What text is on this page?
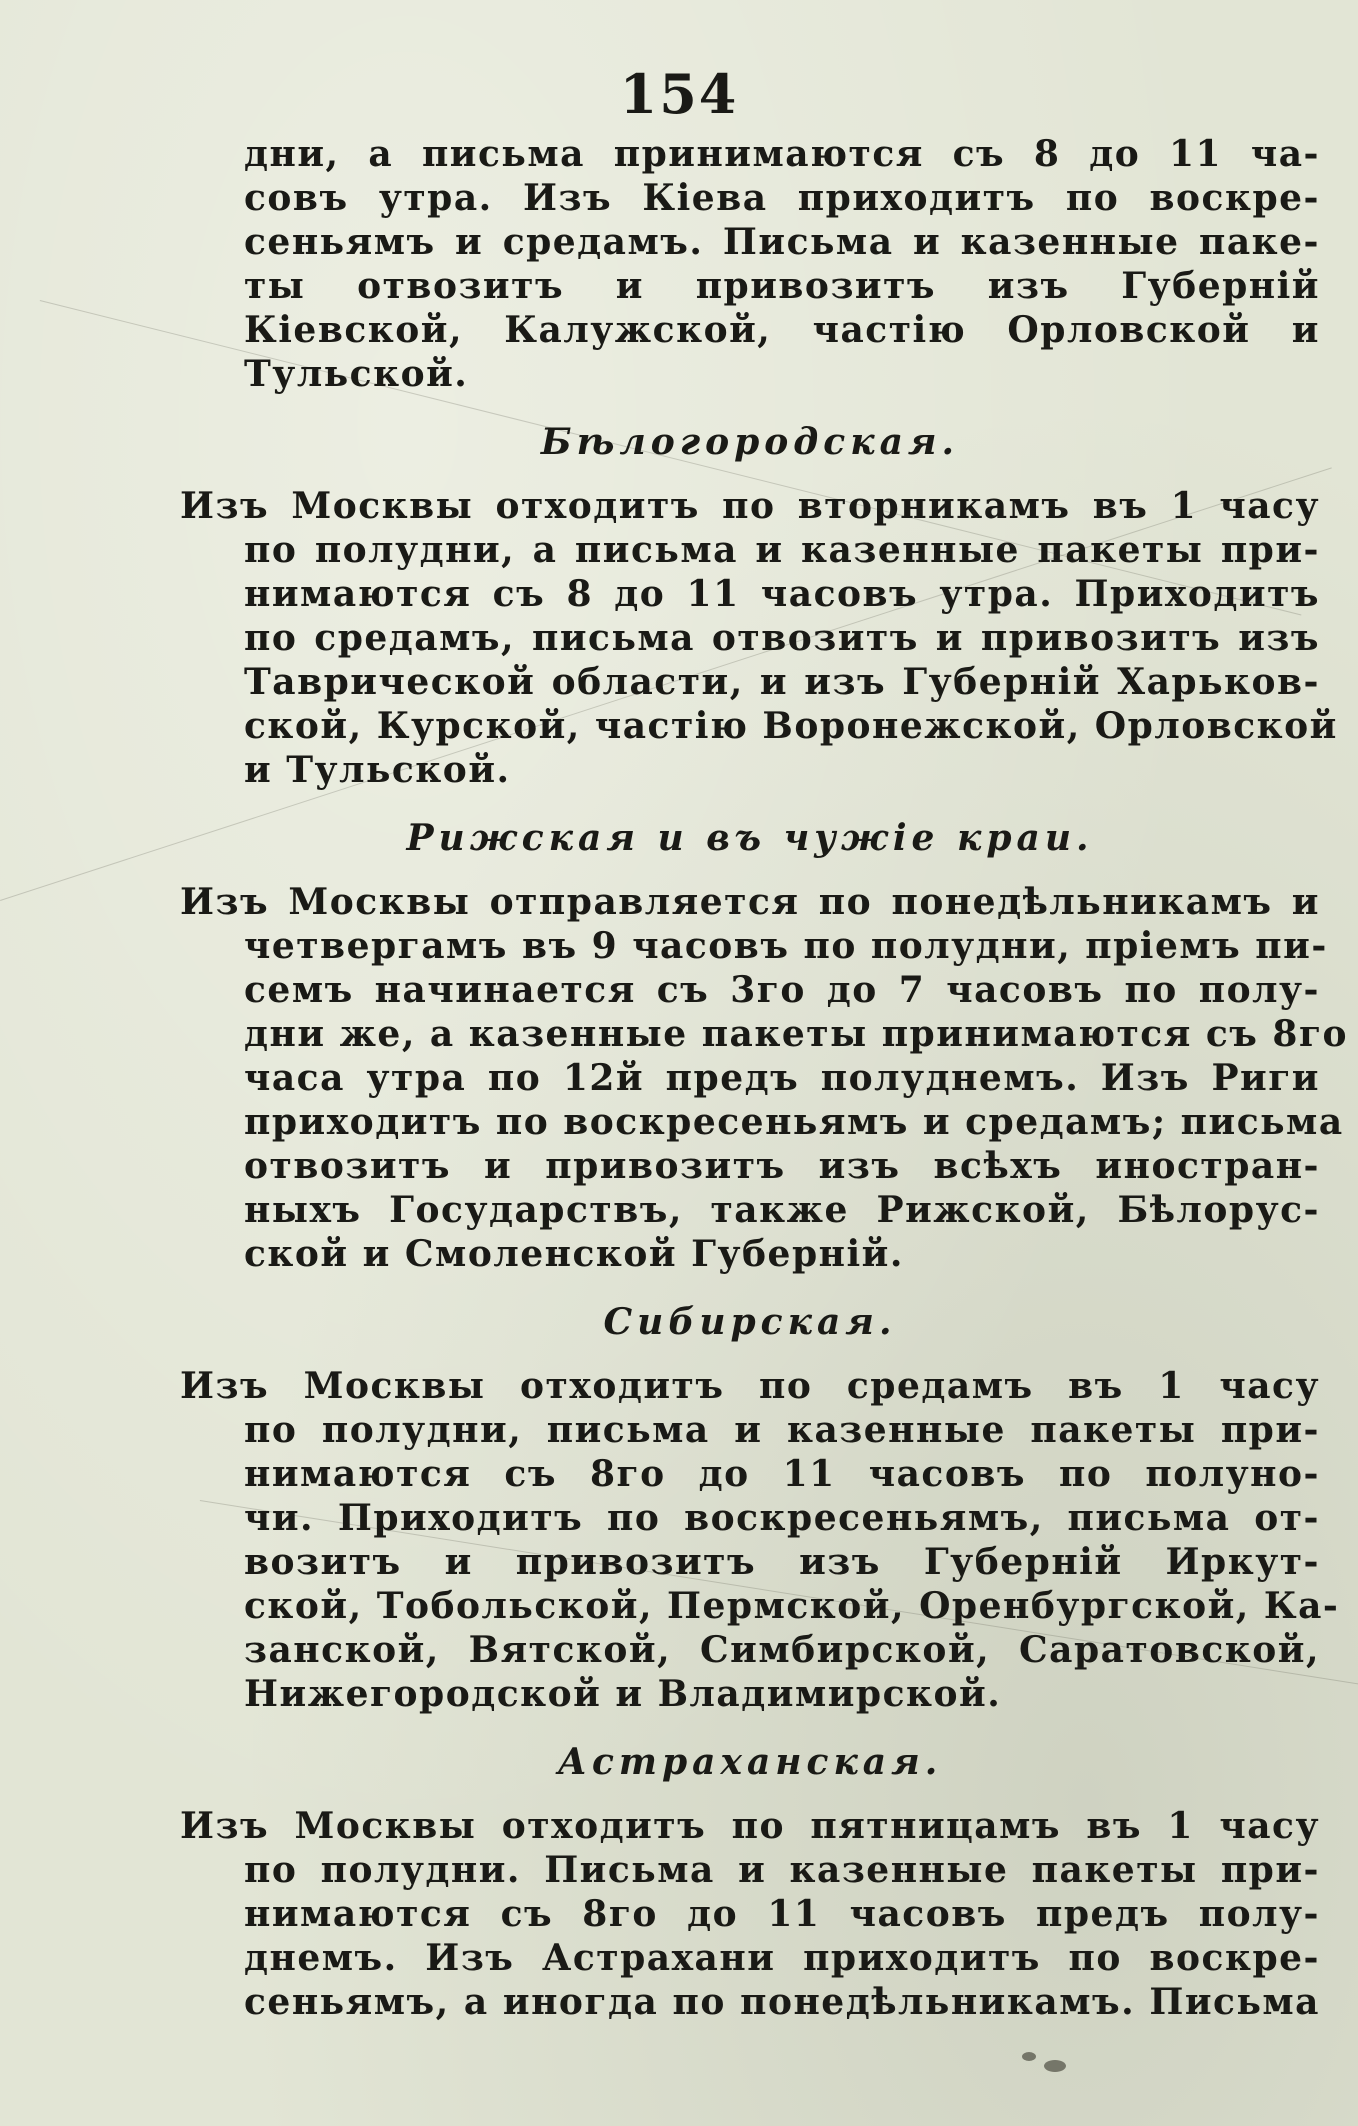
154
дни, а письма принимаются съ 8 до 11 ча-
совъ утра. Изъ Кіева приходитъ по воскре-
сеньямъ и средамъ. Письма и казенные паке-
ты отвозитъ и привозитъ изъ Губерній
Кіевской, Калужской, частію Орловской и
Тульской.
Бѣлогородская.
Изъ Москвы отходитъ по вторникамъ въ 1 часу
по полудни, а письма и казенные пакеты при-
нимаются съ 8 до 11 часовъ утра. Приходитъ
по средамъ, письма отвозитъ и привозитъ изъ
Таврической области, и изъ Губерній Харьков-
ской, Курской, частію Воронежской, Орловской
и Тульской.
Рижская и въ чужіе краи.
Изъ Москвы отправляется по понедѣльникамъ и
четвергамъ въ 9 часовъ по полудни, пріемъ пи-
семъ начинается съ 3го до 7 часовъ по полу-
дни же, а казенные пакеты принимаются съ 8го
часа утра по 12й предъ полуднемъ. Изъ Риги
приходитъ по воскресеньямъ и средамъ; письма
отвозитъ и привозитъ изъ всѣхъ иностран-
ныхъ Государствъ, также Рижской, Бѣлорус-
ской и Смоленской Губерній.
Сибирская.
Изъ Москвы отходитъ по средамъ въ 1 часу
по полудни, письма и казенные пакеты при-
нимаются съ 8го до 11 часовъ по полуно-
чи. Приходитъ по воскресеньямъ, письма от-
возитъ и привозитъ изъ Губерній Иркут-
ской, Тобольской, Пермской, Оренбургской, Ка-
занской, Вятской, Симбирской, Саратовской,
Нижегородской и Владимирской.
Астраханская.
Изъ Москвы отходитъ по пятницамъ въ 1 часу
по полудни. Письма и казенные пакеты при-
нимаются съ 8го до 11 часовъ предъ полу-
днемъ. Изъ Астрахани приходитъ по воскре-
сеньямъ, а иногда по понедѣльникамъ. Письма
